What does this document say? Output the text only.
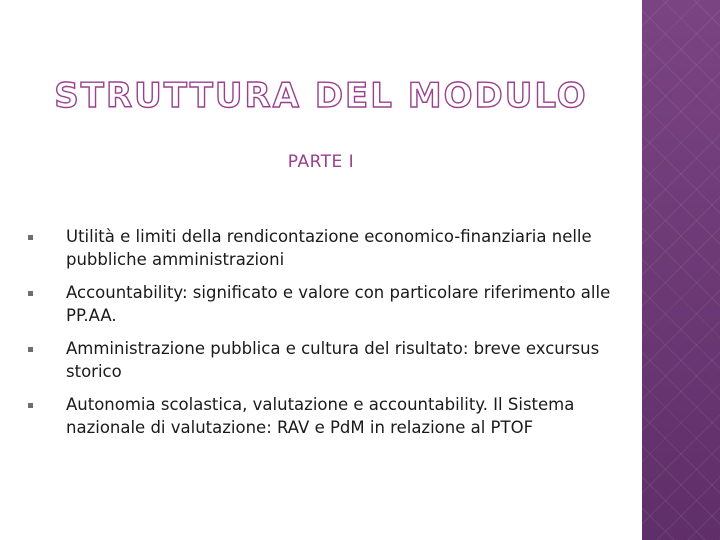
STRUTTURA DEL MODULO
PARTE I
Utilità e limiti della rendicontazione economico-finanziaria nelle pubbliche amministrazioni
Accountability: significato e valore con particolare riferimento alle PP.AA.
Amministrazione pubblica e cultura del risultato: breve excursus storico
Autonomia scolastica, valutazione e accountability. Il Sistema nazionale di valutazione: RAV e PdM in relazione al PTOF
